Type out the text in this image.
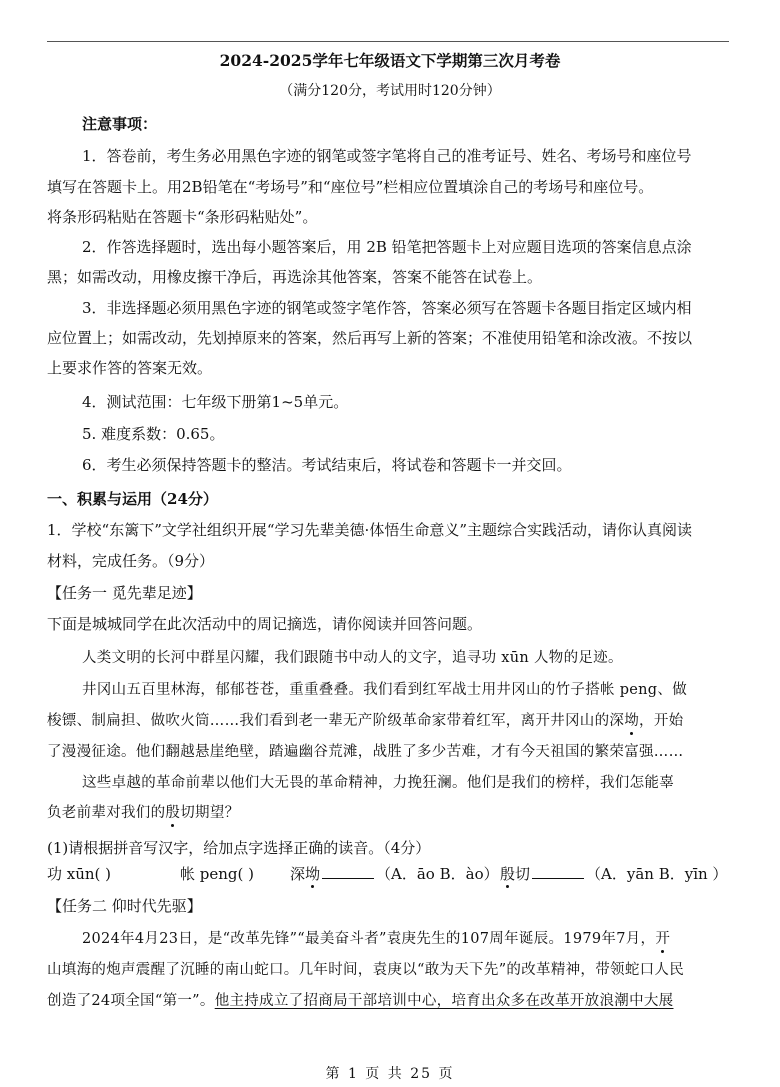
2024-2025学年七年级语文下学期第三次月考卷
（满分120分，考试用时120分钟）
注意事项：
1．答卷前，考生务必用黑色字迹的钢笔或签字笔将自己的准考证号、姓名、考场号和座位号
填写在答题卡上。用2B铅笔在“考场号”和“座位号”栏相应位置填涂自己的考场号和座位号。
将条形码粘贴在答题卡“条形码粘贴处”。
2．作答选择题时，选出每小题答案后，用 2B 铅笔把答题卡上对应题目选项的答案信息点涂
黑；如需改动，用橡皮擦干净后，再选涂其他答案，答案不能答在试卷上。
3．非选择题必须用黑色字迹的钢笔或签字笔作答，答案必须写在答题卡各题目指定区域内相
应位置上；如需改动，先划掉原来的答案，然后再写上新的答案；不准使用铅笔和涂改液。不按以
上要求作答的答案无效。
4．测试范围：七年级下册第1~5单元。
5. 难度系数：0.65。
6．考生必须保持答题卡的整洁。考试结束后，将试卷和答题卡一并交回。
一、积累与运用（24分）
1．学校“东篱下”文学社组织开展“学习先辈美德·体悟生命意义”主题综合实践活动，请你认真阅读
材料，完成任务。（9分）
【任务一 觅先辈足迹】
下面是城城同学在此次活动中的周记摘选，请你阅读并回答问题。
人类文明的长河中群星闪耀，我们跟随书中动人的文字，追寻功 xūn 人物的足迹。
井冈山五百里林海，郁郁苍苍，重重叠叠。我们看到红军战士用井冈山的竹子搭帐 peng、做
梭镖、制扁担、做吹火筒……我们看到老一辈无产阶级革命家带着红军，离开井冈山的深坳，开始
了漫漫征途。他们翻越悬崖绝壁，踏遍幽谷荒滩，战胜了多少苦难，才有今天祖国的繁荣富强……
这些卓越的革命前辈以他们大无畏的革命精神，力挽狂澜。他们是我们的榜样，我们怎能辜
负老前辈对我们的殷切期望？
(1)请根据拼音写汉字，给加点字选择正确的读音。（4分）
功 xūn( )	帐 peng( ) 深坳	（A．āo B．ào） 殷切	（A．yān B．yīn ）
【任务二 仰时代先驱】
2024年4月23日，是“改革先锋”“最美奋斗者”袁庚先生的107周年诞辰。1979年7月，开
山填海的炮声震醒了沉睡的南山蛇口。几年时间，袁庚以“敢为天下先”的改革精神，带领蛇口人民
创造了24项全国“第一”。他主持成立了招商局干部培训中心，培育出众多在改革开放浪潮中大展
第 1 页 共 25 页
